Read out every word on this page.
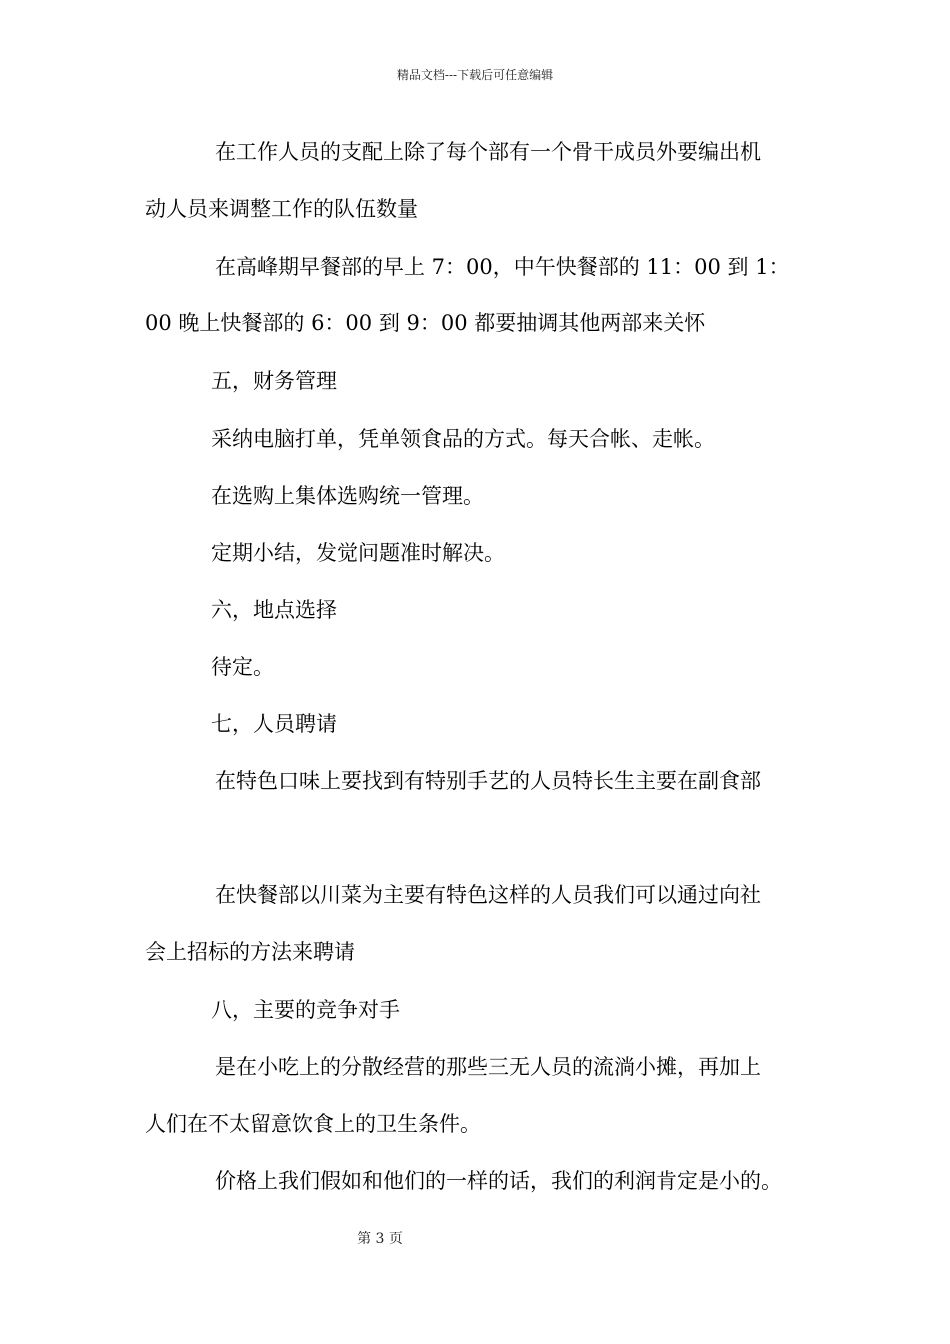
精品文档---下载后可任意编辑
在工作人员的支配上除了每个部有一个骨干成员外要编出机
动人员来调整工作的队伍数量
在高峰期早餐部的早上 7：00，中午快餐部的 11：00 到 1：
00 晚上快餐部的 6：00 到 9：00 都要抽调其他两部来关怀
五，财务管理
采纳电脑打单，凭单领食品的方式。每天合帐、走帐。
在选购上集体选购统一管理。
定期小结，发觉问题准时解决。
六，地点选择
待定。
七，人员聘请
在特色口味上要找到有特别手艺的人员特长生主要在副食部
在快餐部以川菜为主要有特色这样的人员我们可以通过向社
会上招标的方法来聘请
八，主要的竞争对手
是在小吃上的分散经营的那些三无人员的流淌小摊，再加上
人们在不太留意饮食上的卫生条件。
价格上我们假如和他们的一样的话，我们的利润肯定是小的。
第 3 页
